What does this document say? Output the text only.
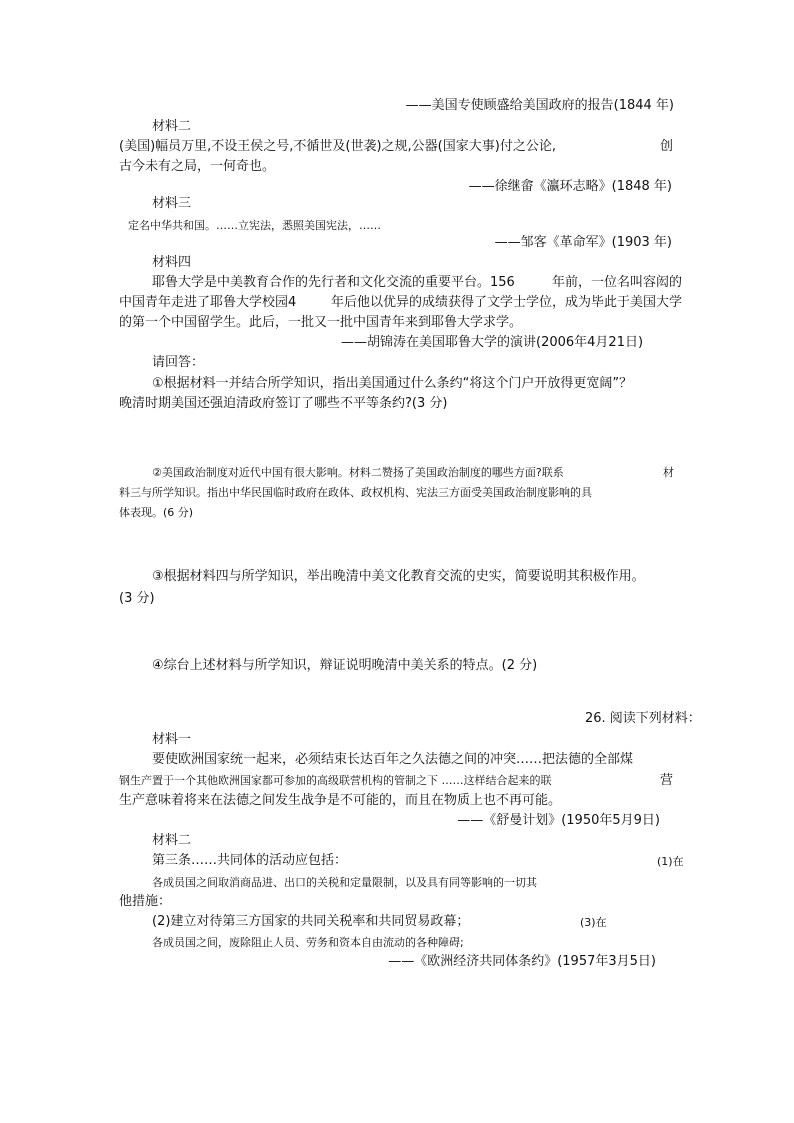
——美国专使顾盛给美国政府的报告(1844 年)
材料二
(美国)幅员万里,不设王侯之号,不循世及(世袭)之规,公器(国家大事)付之公论,	创
古今未有之局，一何奇也。
——徐继畲《瀛环志略》(1848 年)
材料三
定名中华共和国。……立宪法，悉照美国宪法，……
——邹客《革命军》(1903 年)
材料四
耶鲁大学是中美教育合作的先行者和文化交流的重要平台。156	年前，一位名叫容闳的
中国青年走进了耶鲁大学校园4	年后他以优异的成绩获得了文学士学位，成为毕此于美国大学
的第一个中国留学生。此后，一批又一批中国青年来到耶鲁大学求学。
——胡锦涛在美国耶鲁大学的演讲(2006年4月21日)
请回答：
①根据材料一并结合所学知识，指出美国通过什么条约“将这个门户开放得更宽阔”？
晚清时期美国还强迫清政府签订了哪些不平等条约?(3 分)
②美国政治制度对近代中国有很大影响。材料二赞扬了美国政治制度的哪些方面?联系	材
料三与所学知识。指出中华民国临时政府在政体、政权机构、宪法三方面受美国政治制度影响的具
体表现。(6 分)
③根据材料四与所学知识，举出晚清中美文化教育交流的史实，简要说明其积极作用。
(3 分)
④综台上述材料与所学知识，辩证说明晚清中美关系的特点。(2 分)
26. 阅读下列材料：
材料一
要使欧洲国家统一起来，必须结束长达百年之久法德之间的冲突……把法德的全部煤
钢生产置于一个其他欧洲国家都可参加的高级联营机构的管制之下 ……这样结合起来的联	营
生产意味着将来在法德之间发生战争是不可能的，而且在物质上也不再可能。
——《舒曼计划》(1950年5月9日)
材料二
第三条……共同体的活动应包括：	(1)在
各成员国之间取消商品进、出口的关税和定量限制，以及具有同等影响的一切其
他措施：
(2)建立对待第三方国家的共同关税率和共同贸易政幕；	(3)在
各成员国之间，废除阻止人员、劳务和资本自由流动的各种障碍;
——《欧洲经济共同体条约》(1957年3月5日)
